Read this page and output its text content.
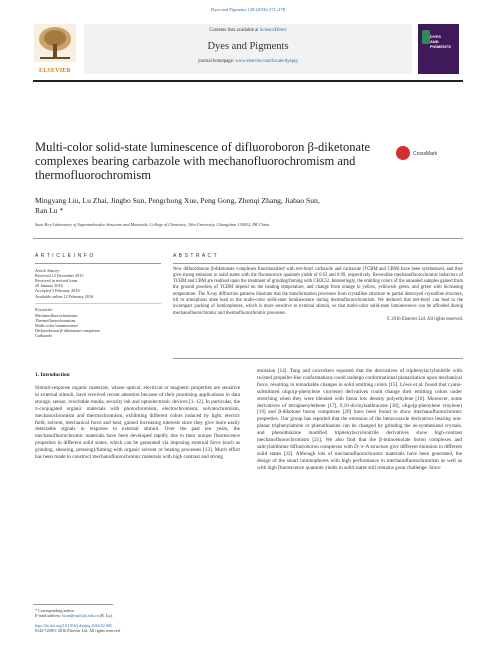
Dyes and Pigments 128 (2016) 271–278
ELSEVIER
Contents lists available at ScienceDirect
Dyes and Pigments
journal homepage: www.elsevier.com/locate/dyepig
DYES
AND
PIGMENTS
Multi-color solid-state luminescence of difluoroboron β-diketonate complexes bearing carbazole with mechanofluorochromism and thermofluorochromism
CrossMark
Mingyang Liu, Lu Zhai, Jingbo Sun, Pengchong Xue, Peng Gong, Zhenqi Zhang, Jiabao Sun,
Ran Lu *
State Key Laboratory of Supramolecular Structure and Materials, College of Chemistry, Jilin University, Changchun 130012, PR China
A R T I C L E I N F O
Article history:
Received 12 December 2015
Received in revised form
20 January 2016
Accepted 5 February 2016
Available online 12 February 2016
Keywords:
Mechanofluorochromism
Thermofluorochromism
Multi-color luminescence
Difluoroboron β-diketonate complexes
Carbazole
A B S T R A C T
New difluoroboron β-diketonate complexes functionalized with tert-butyl carbazole and carbazole (TCBM and CBM) have been synthesized, and they give strong emission in solid states with the fluorescence quantum yields of 0.63 and 0.99, respectively. Reversible mechanofluorochromic behaviors of TCBM and CBM are realized upon the treatment of grinding/fuming with CH2Cl2. Interestingly, the emitting colors of the annealed samples gained from the ground powders of TCBM depend on the heating temperature, and change from orange to yellow, yellowish green, and green with increasing temperature. The X-ray diffraction patterns illustrate that the transformation processes from crystalline structure to partial destroyed crystalline structure, till to amorphous state lead to the multi-color solid-state luminescence during thermofluorochromism. We deduced that tert-butyl can lead to the incompact packing of luminophores, which is more sensitive to external stimuli, so that multi-color solid-state luminescence can be afforded during mechanofluorochromic and thermofluorochromic processes.
© 2016 Elsevier Ltd. All rights reserved.
1. Introduction
Stimuli-response organic materials, whose optical, electrical or magnetic properties are sensitive to external stimuli, have received recent attention because of their promising applications in data storage, sensor, rewritable media, security ink and optoelectronic devices [1–12]. In particular, the π-conjugated organic materials with photochromism, electrochromism, solvatochromism, mechanochromism and thermochromism, exhibiting different colors induced by light, electric field, solvent, mechanical force and heat, gained increasing interests since they give more easily detectable signals in response to external stimuli. Over the past ten years, the mechanofluorochromic materials have been developed rapidly due to their unique fluorescence properties in different solid states, which can be generated via imposing external force (such as grinding, shearing, pressing)/fuming with organic solvent or heating processes [13]. Much effort has been made to construct mechanofluorochromic materials with high contrast and strong
emission [14]. Tang and coworkers reported that the derivatives of triphenylacrylonitrile with twisted propeller-like conformations could undergo conformational planarization upon mechanical force, resulting in remarkable changes in solid emitting colors [15]. Löwe et al. found that cyano-substituted oligo(p-phenylene vinylene) derivatives could change their emitting colors under stretching when they were blended with linear low density polyethylene [16]. Moreover, some derivatives of tetraphenylethene [17], 9,10-divinylanthracene [18], oligo(p-phenylene vinylene) [19] and β-diketone boron complexes [20] have been found to show mechanofluorochromic properties. Our group has reported that the emission of the benzoxazole derivatives bearing non-planar triphenylamine or phenothiazine can be changed by grinding the as-synthesized crystals, and phenothiazine modified triphenylacrylonitrile derivatives show high-contrast mechanofluorochromism [21]. We also find that the β-iminoenolate boron complexes and salicylaldimine difluoroboron complexes with D–π–A structure give different emission in different solid states [22]. Although lots of mechanofluorochromic materials have been generated, the design of the smart luminophores with high performance in mechanofluorochromism as well as with high fluorescence quantum yields in solid states still remains great challenge. Since
* Corresponding author.
E-mail address: luran@mail.jlu.edu.cn (R. Lu).
http://dx.doi.org/10.1016/j.dyepig.2016.02.005
0143-7208/© 2016 Elsevier Ltd. All rights reserved.
